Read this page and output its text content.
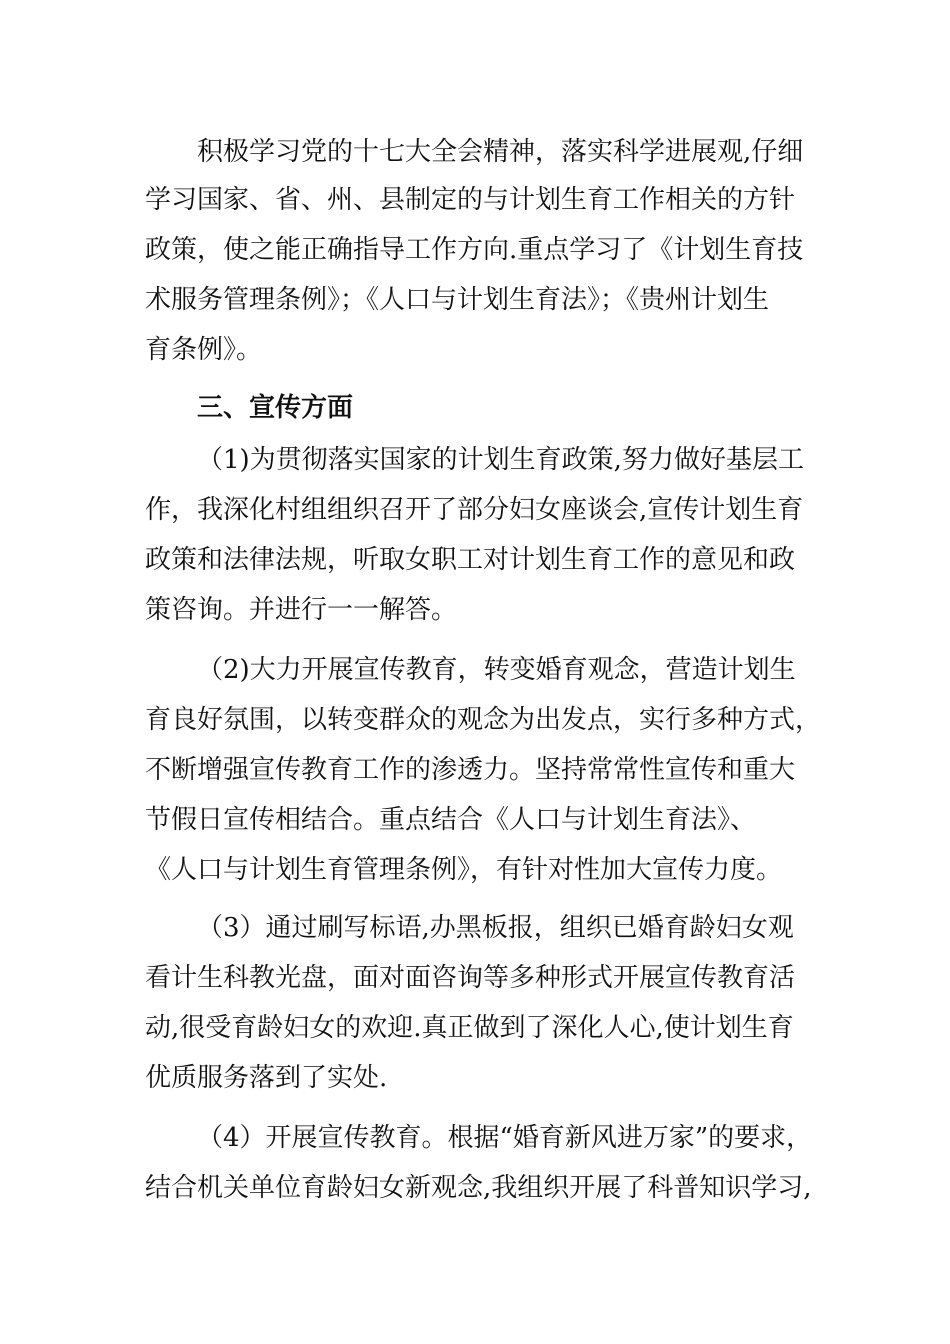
积极学习党的十七大全会精神，落实科学进展观,仔细
学习国家、省、州、县制定的与计划生育工作相关的方针
政策，使之能正确指导工作方向.重点学习了《计划生育技
术服务管理条例》；《人口与计划生育法》；《贵州计划生
育条例》。
三、宣传方面
（1)为贯彻落实国家的计划生育政策,努力做好基层工
作，我深化村组组织召开了部分妇女座谈会,宣传计划生育
政策和法律法规，听取女职工对计划生育工作的意见和政
策咨询。并进行一一解答。
（2)大力开展宣传教育，转变婚育观念，营造计划生
育良好氛围，以转变群众的观念为出发点，实行多种方式，
不断增强宣传教育工作的渗透力。坚持常常性宣传和重大
节假日宣传相结合。重点结合《人口与计划生育法》、
《人口与计划生育管理条例》，有针对性加大宣传力度。
（3）通过刷写标语,办黑板报，组织已婚育龄妇女观
看计生科教光盘，面对面咨询等多种形式开展宣传教育活
动,很受育龄妇女的欢迎.真正做到了深化人心,使计划生育
优质服务落到了实处.
（4）开展宣传教育。根据“婚育新风进万家”的要求，
结合机关单位育龄妇女新观念,我组织开展了科普知识学习,
